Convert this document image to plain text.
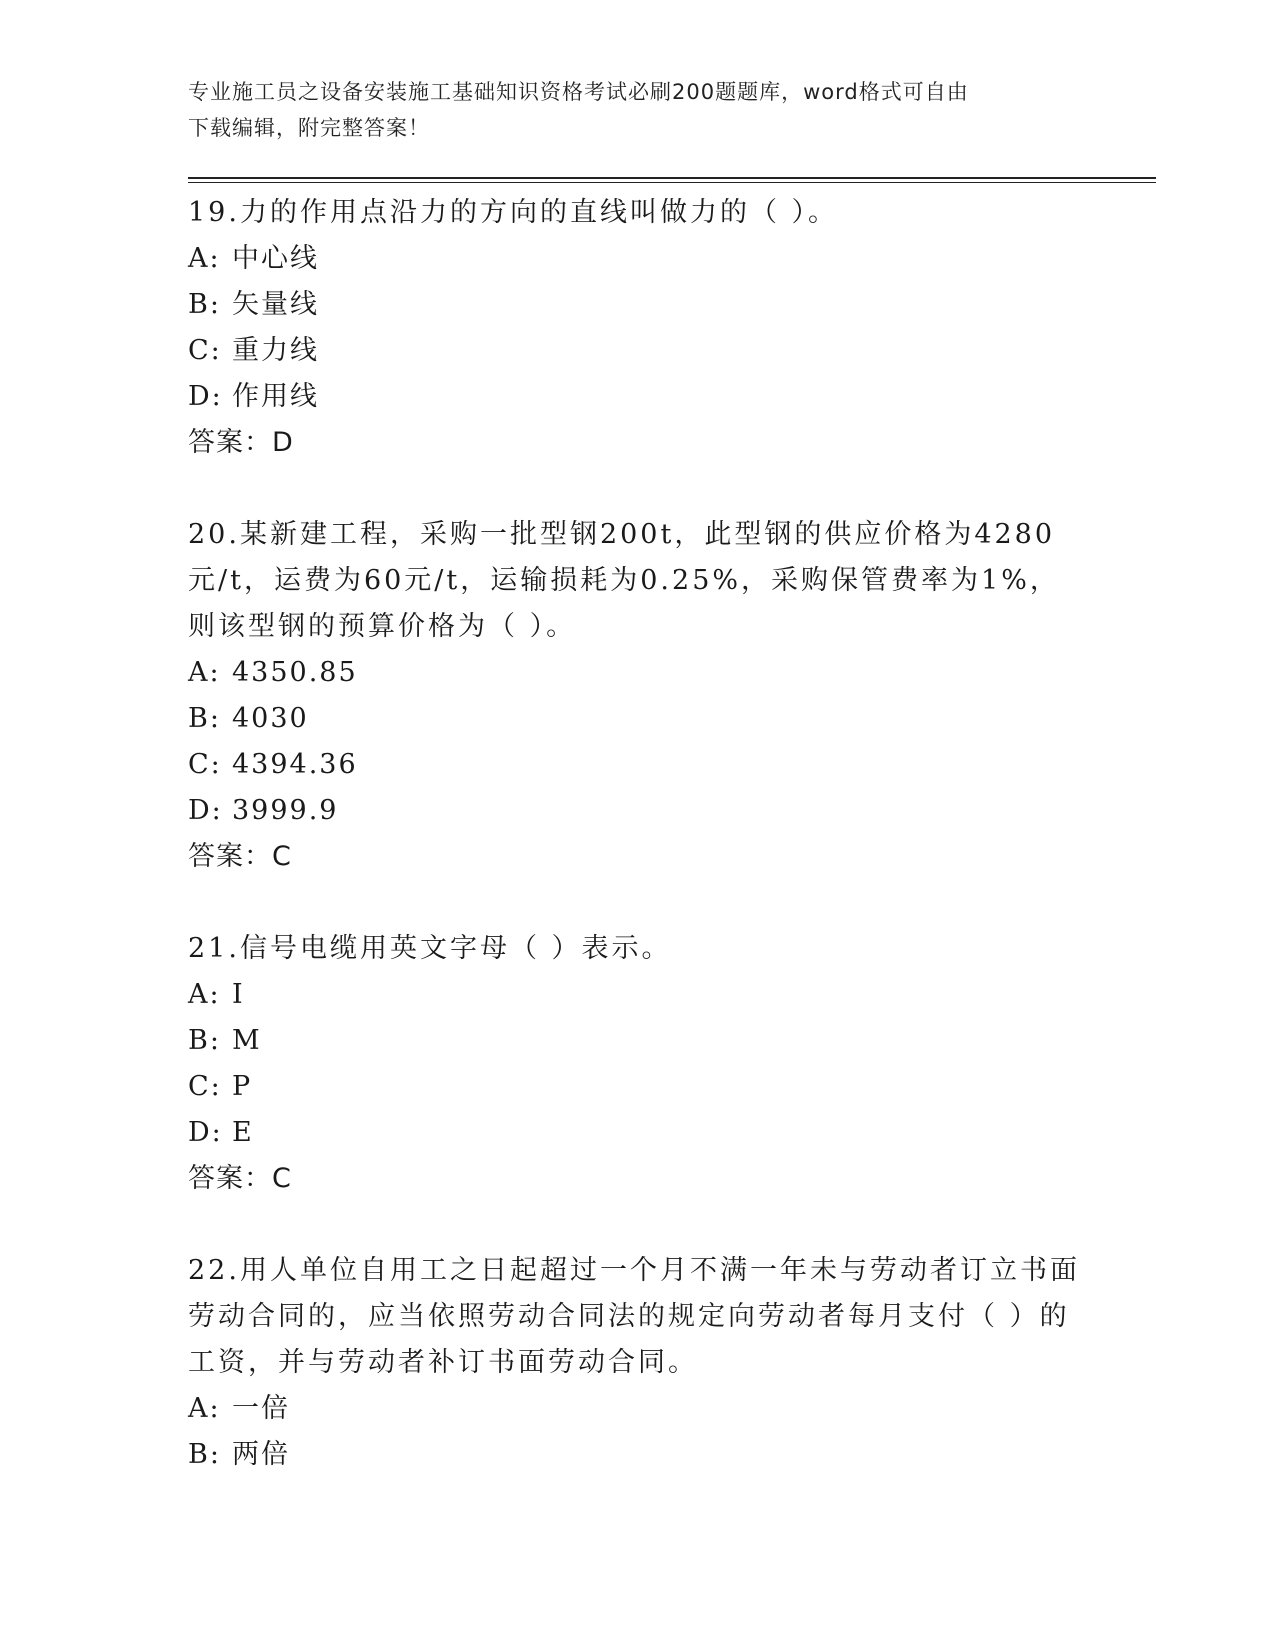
专业施工员之设备安装施工基础知识资格考试必刷200题题库，word格式可自由
下载编辑，附完整答案！

19.力的作用点沿力的方向的直线叫做力的（ ）。

A: 中心线

B: 矢量线

C: 重力线

D: 作用线

答案：D

20.某新建工程，采购一批型钢200t，此型钢的供应价格为4280元/t，运费为60元/t，运输损耗为0.25%，采购保管费率为1%，则该型钢的预算价格为（ ）。

A: 4350.85

B: 4030

C: 4394.36

D: 3999.9

答案：C

21.信号电缆用英文字母（ ）表示。

A: I

B: M

C: P

D: E

答案：C

22.用人单位自用工之日起超过一个月不满一年未与劳动者订立书面劳动合同的，应当依照劳动合同法的规定向劳动者每月支付（ ）的工资，并与劳动者补订书面劳动合同。

A: 一倍

B: 两倍
